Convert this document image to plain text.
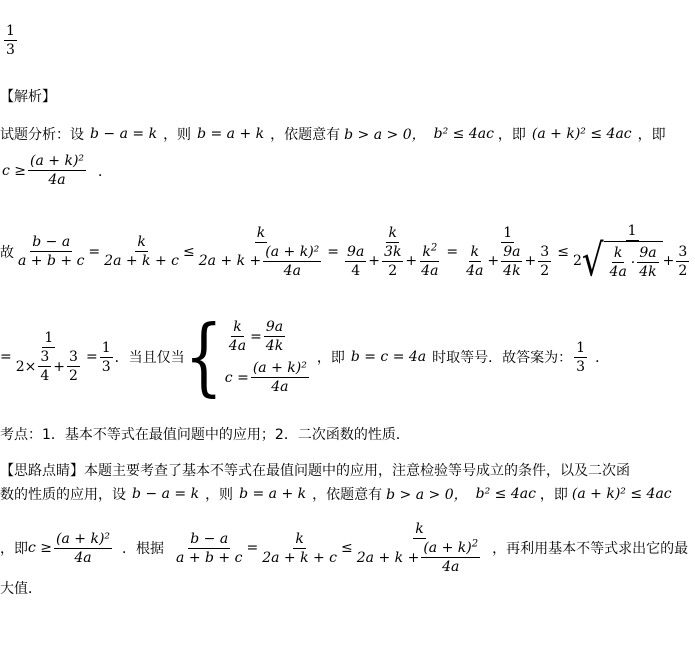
$\frac{1}{3}$
【解析】
试题分析：设 b − a = k ，则 b = a + k ，依题意有 b > a > 0， b² ≤ 4ac ，即 (a + k)² ≤ 4ac ，即
$c \ge \frac{\text{(a + k)²}}{4a}$ ．
故 $\frac{b - a}{a + b + c} = \frac{k}{2a + k + c} \le \frac{k}{2a + k + \frac{\text{(a + k)²}}{4a}} = \frac{k}{\frac{9a}{4} + \frac{3k}{2} + \frac{k^2}{4a}} = \frac{1}{\frac{k}{4a} + \frac{9a}{4k} + \frac{3}{2}} \le \frac{1}{2 √ \frac{k}{4a} \cdot \frac{9a}{4k} + \frac{3}{2}}$
= $\frac{1}{2\times \frac{3}{4} + \frac{3}{2}} = \frac{1}{3}$ ．当且仅当 { $\frac{k}{4a} = \frac{9a}{4k}$
$c = \frac{\text{(a + k)²}}{4a}$
，即 b = c = 4a 时取等号．故答案为： $\frac{1}{3}$ ．
考点：1．基本不等式在最值问题中的应用；2．二次函数的性质．
【思路点睛】本题主要考查了基本不等式在最值问题中的应用，注意检验等号成立的条件，以及二次函
数的性质的应用，设 b − a = k ，则 b = a + k ，依题意有 b > a > 0， b² ≤ 4ac ，即 (a + k)² ≤ 4ac
，即 $c \ge \frac{\text{(a + k)²}}{4a}$ ．根据 $\frac{b - a}{a + b + c} = \frac{k}{2a + k + c} \le \frac{k}{2a + k + \frac{(a + k)^2}{4a}}$ ，再利用基本不等式求出它的最
大值．
